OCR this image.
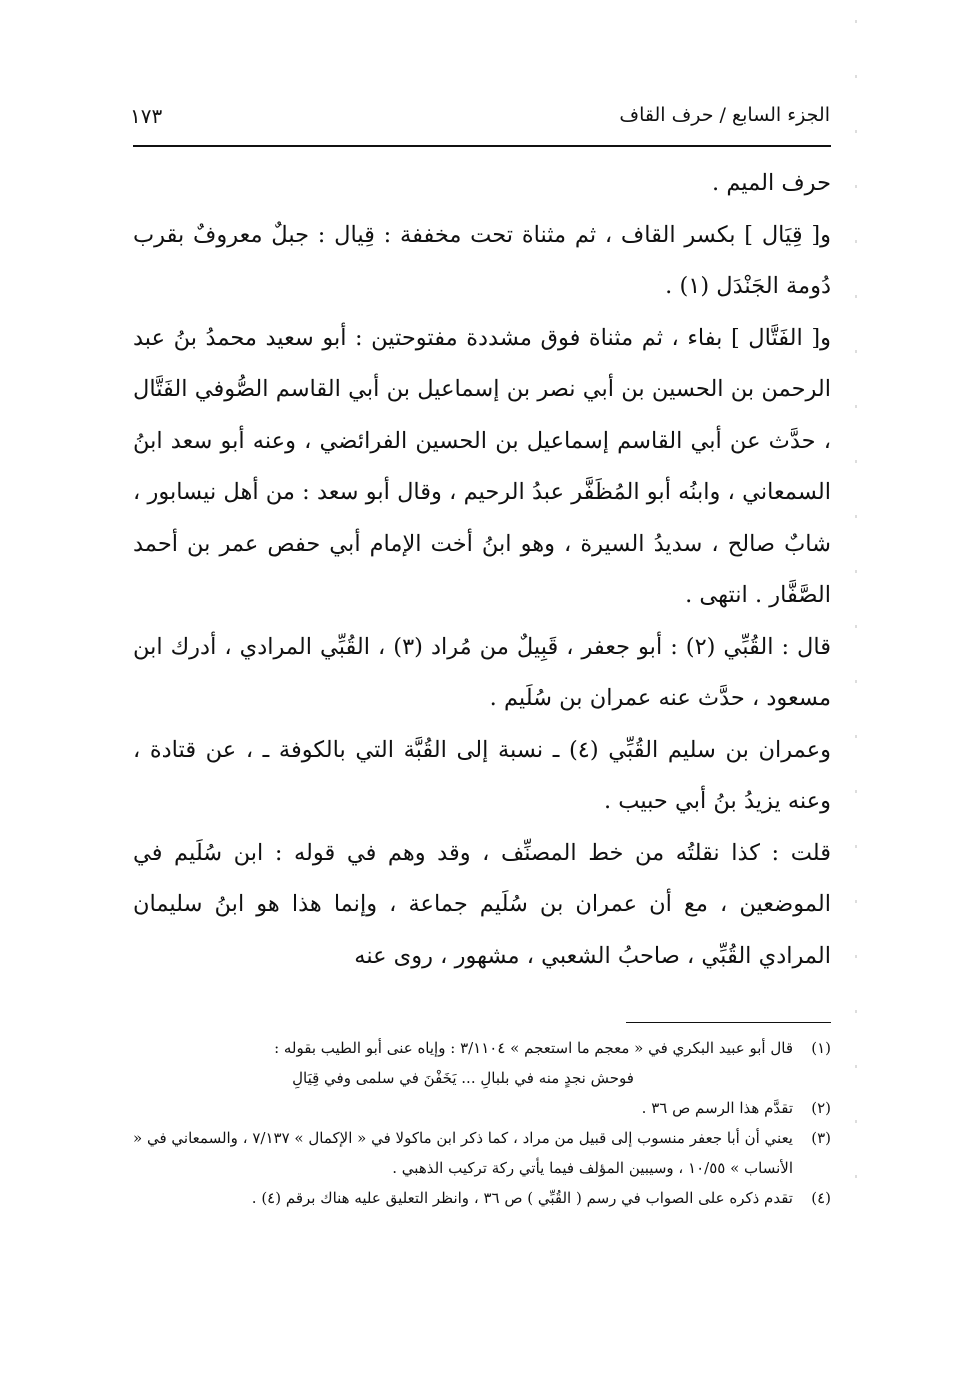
الجزء السابع / حرف القاف
١٧٣

حرف الميم .

و[ قِيَال ] بكسر القاف ، ثم مثناة تحت مخففة : قِيال : جبلٌ معروفٌ بقرب دُومة الجَنْدَل (١) .

و[ الفَتَّال ] بفاء ، ثم مثناة فوق مشددة مفتوحتين : أبو سعيد محمدُ بنُ عبد الرحمن بن الحسين بن أبي نصر بن إسماعيل بن أبي القاسم الصُّوفي الفَتَّال ، حدَّث عن أبي القاسم إسماعيل بن الحسين الفرائضي ، وعنه أبو سعد ابنُ السمعاني ، وابنُه أبو المُظَفَّر عبدُ الرحيم ، وقال أبو سعد : من أهل نيسابور ، شابٌ صالح ، سديدُ السيرة ، وهو ابنُ أخت الإمام أبي حفص عمر بن أحمد الصَّفَّار . انتهى .

قال : القُبِّي (٢) : أبو جعفر ، قَبِيلٌ من مُراد (٣) ، القُبِّي المرادي ، أدرك ابن مسعود ، حدَّث عنه عمران بن سُلَيم .

وعمران بن سليم القُبِّي (٤) ـ نسبة إلى القُبَّة التي بالكوفة ـ ، عن قتادة ، وعنه يزيدُ بنُ أبي حبيب .

قلت : كذا نقلتُه من خط المصنِّف ، وقد وهم في قوله : ابن سُلَيم في الموضعين ، مع أن عمران بن سُلَيم جماعة ، وإنما هذا هو ابنُ سليمان المرادي القُبِّي ، صاحبُ الشعبي ، مشهور ، روى عنه

(١)
قال أبو عبيد البكري في « معجم ما استعجم » ٣/١١٠٤ : وإياه عنى أبو الطيب بقوله :
فوحش نجدٍ منه في بلبالِ ... يَخَفْنَ في سلمى وفي قِيَالِ
(٢)
تقدَّم هذا الرسم ص ٣٦ .
(٣)
يعني أن أبا جعفر منسوب إلى قبيل من مراد ، كما ذكر ابن ماكولا في « الإكمال » ٧/١٣٧ ، والسمعاني في « الأنساب » ١٠/٥٥ ، وسيبين المؤلف فيما يأتي ركة تركيب الذهبي .
(٤)
تقدم ذكره على الصواب في رسم ( القُبِّي ) ص ٣٦ ، وانظر التعليق عليه هناك برقم (٤) .
